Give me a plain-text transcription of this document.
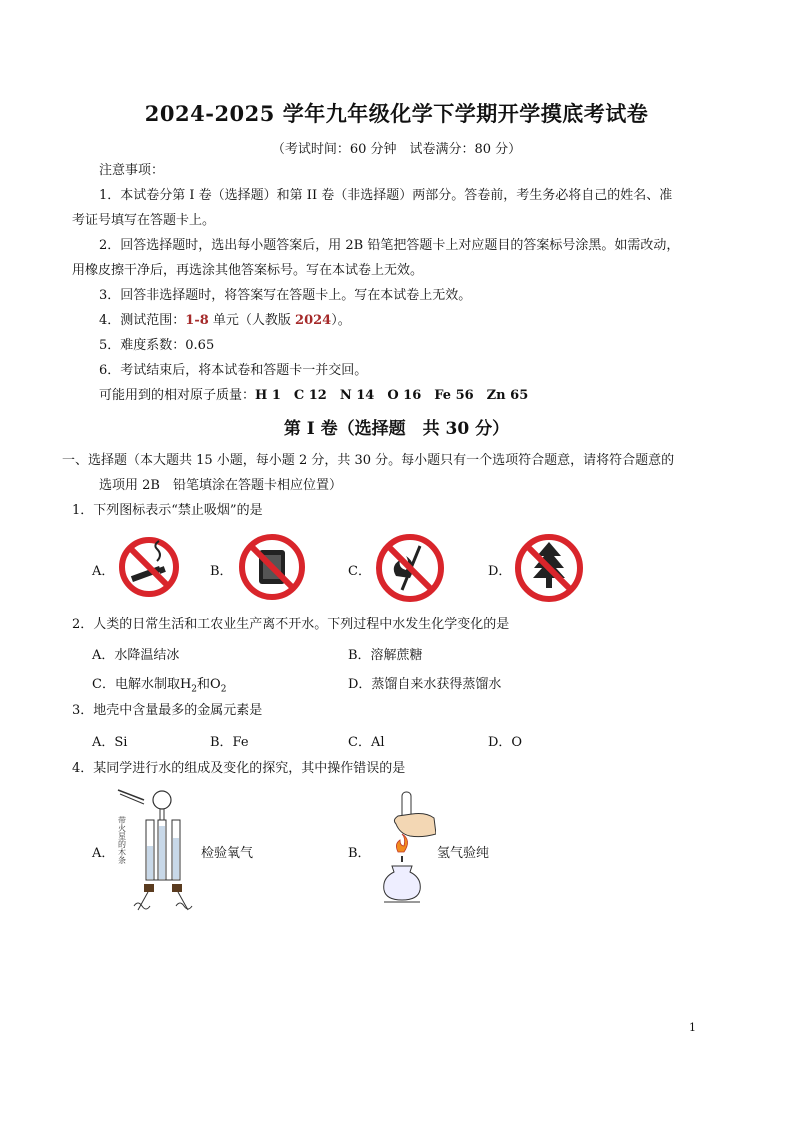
2024-2025 学年九年级化学下学期开学摸底考试卷
（考试时间：60 分钟　试卷满分：80 分）
注意事项：
1．本试卷分第 I 卷（选择题）和第 II 卷（非选择题）两部分。答卷前，考生务必将自己的姓名、准
考证号填写在答题卡上。
2．回答选择题时，选出每小题答案后，用 2B 铅笔把答题卡上对应题目的答案标号涂黑。如需改动，
用橡皮擦干净后，再选涂其他答案标号。写在本试卷上无效。
3．回答非选择题时，将答案写在答题卡上。写在本试卷上无效。
4．测试范围：1-8 单元（人教版 2024）。
5．难度系数：0.65
6．考试结束后，将本试卷和答题卡一并交回。
可能用到的相对原子质量：H 1　C 12　N 14　O 16　Fe 56　Zn 65
第 I 卷（选择题　共 30 分）
一、选择题（本大题共 15 小题，每小题 2 分，共 30 分。每小题只有一个选项符合题意，请将符合题意的
选项用 2B　铅笔填涂在答题卡相应位置）
1．下列图标表示“禁止吸烟”的是
A．	B．	C．	D．
2．人类的日常生活和工农业生产离不开水。下列过程中水发生化学变化的是
A．水降温结冰	B．溶解蔗糖
C．电解水制取$H_2$和$O_2$	D．蒸馏自来水获得蒸馏水
3．地壳中含量最多的金属元素是
A．Si	B．Fe	C．Al	D．O
4．某同学进行水的组成及变化的探究，其中操作错误的是
A． 带火星的木条	检验氧气	B．	氢气验纯
1
